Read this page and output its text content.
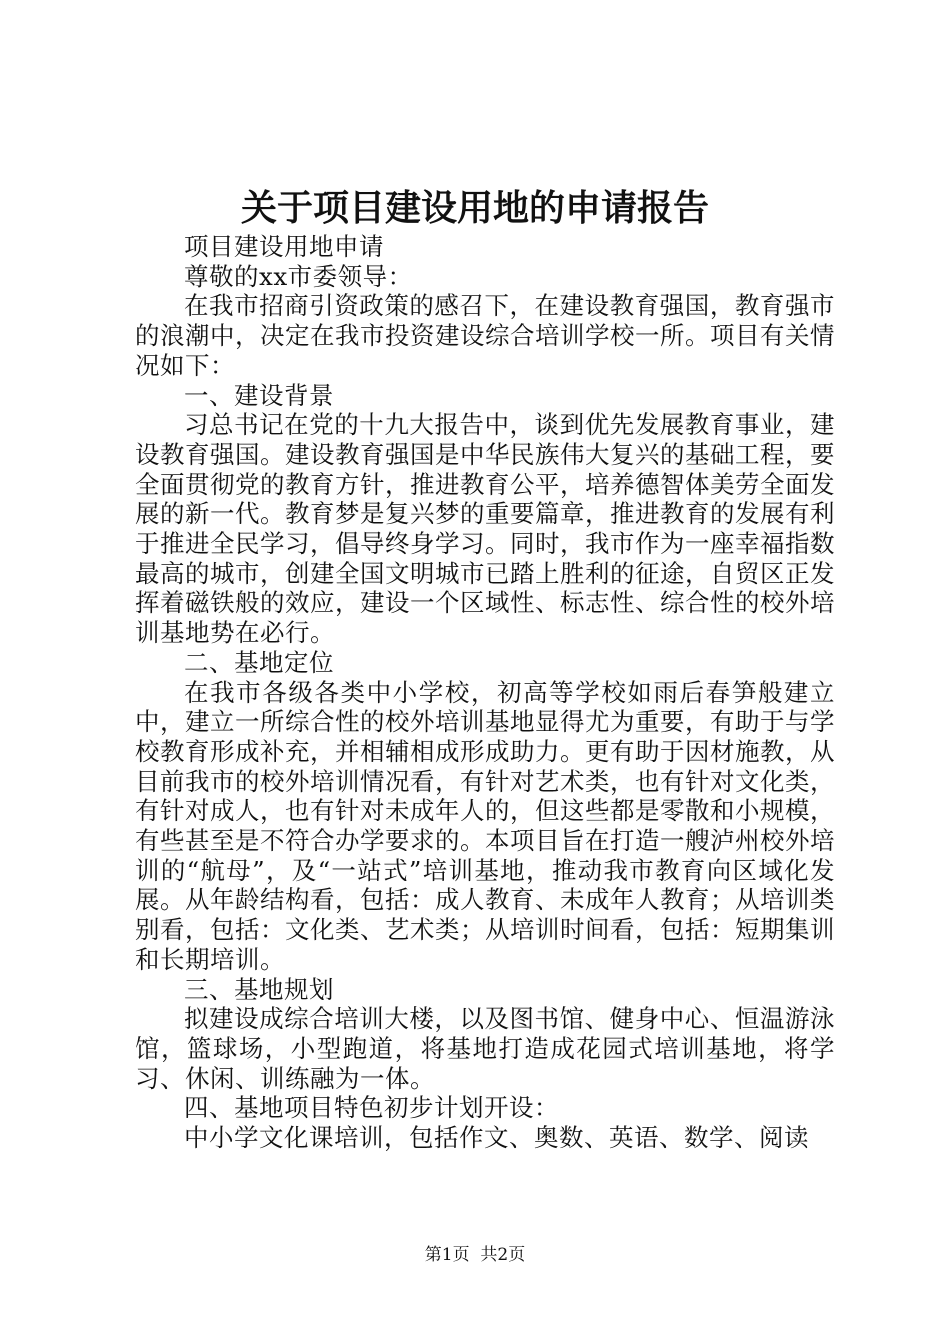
关于项目建设用地的申请报告

项目建设用地申请

尊敬的xx市委领导：

在我市招商引资政策的感召下，在建设教育强国，教育强市的浪潮中，决定在我市投资建设综合培训学校一所。项目有关情况如下：

一、建设背景

习总书记在党的十九大报告中，谈到优先发展教育事业，建设教育强国。建设教育强国是中华民族伟大复兴的基础工程，要全面贯彻党的教育方针，推进教育公平，培养德智体美劳全面发展的新一代。教育梦是复兴梦的重要篇章，推进教育的发展有利于推进全民学习，倡导终身学习。同时，我市作为一座幸福指数最高的城市，创建全国文明城市已踏上胜利的征途，自贸区正发挥着磁铁般的效应，建设一个区域性、标志性、综合性的校外培训基地势在必行。

二、基地定位

在我市各级各类中小学校，初高等学校如雨后春笋般建立中，建立一所综合性的校外培训基地显得尤为重要，有助于与学校教育形成补充，并相辅相成形成助力。更有助于因材施教，从目前我市的校外培训情况看，有针对艺术类，也有针对文化类，有针对成人，也有针对未成年人的，但这些都是零散和小规模，有些甚至是不符合办学要求的。本项目旨在打造一艘泸州校外培训的“航母”，及“一站式”培训基地，推动我市教育向区域化发展。从年龄结构看，包括：成人教育、未成年人教育；从培训类别看，包括：文化类、艺术类；从培训时间看，包括：短期集训和长期培训。

三、基地规划

拟建设成综合培训大楼，以及图书馆、健身中心、恒温游泳馆，篮球场，小型跑道，将基地打造成花园式培训基地，将学习、休闲、训练融为一体。

四、基地项目特色初步计划开设：

中小学文化课培训，包括作文、奥数、英语、数学、阅读

第1页  共2页
